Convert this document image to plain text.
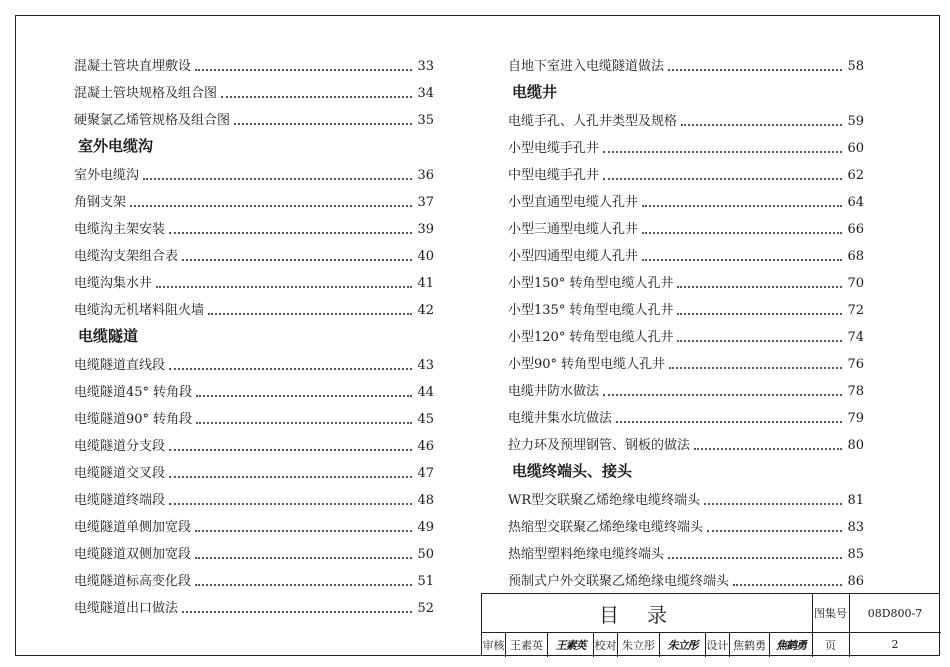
混凝土管块直埋敷设	33
混凝土管块规格及组合图	34
硬聚氯乙烯管规格及组合图	35
室外电缆沟
室外电缆沟	36
角钢支架	37
电缆沟主架安装	39
电缆沟支架组合表	40
电缆沟集水井	41
电缆沟无机堵料阻火墙	42
电缆隧道
电缆隧道直线段	43
电缆隧道45° 转角段	44
电缆隧道90° 转角段	45
电缆隧道分支段	46
电缆隧道交叉段	47
电缆隧道终端段	48
电缆隧道单侧加宽段	49
电缆隧道双侧加宽段	50
电缆隧道标高变化段	51
电缆隧道出口做法	52
自地下室进入电缆隧道做法	58
电缆井
电缆手孔、人孔井类型及规格	59
小型电缆手孔井	60
中型电缆手孔井	62
小型直通型电缆人孔井	64
小型三通型电缆人孔井	66
小型四通型电缆人孔井	68
小型150° 转角型电缆人孔井	70
小型135° 转角型电缆人孔井	72
小型120° 转角型电缆人孔井	74
小型90° 转角型电缆人孔井	76
电缆井防水做法	78
电缆井集水坑做法	79
拉力环及预埋钢管、钢板的做法	80
电缆终端头、接头
WR型交联聚乙烯绝缘电缆终端头	81
热缩型交联聚乙烯绝缘电缆终端头	83
热缩型塑料绝缘电缆终端头	85
预制式户外交联聚乙烯绝缘电缆终端头	86
目录	图集号	08D800-7
审核 王素英	王素英 校对 朱立彤	朱立彤 设计 焦鹤勇 焦鹤勇	页	2
